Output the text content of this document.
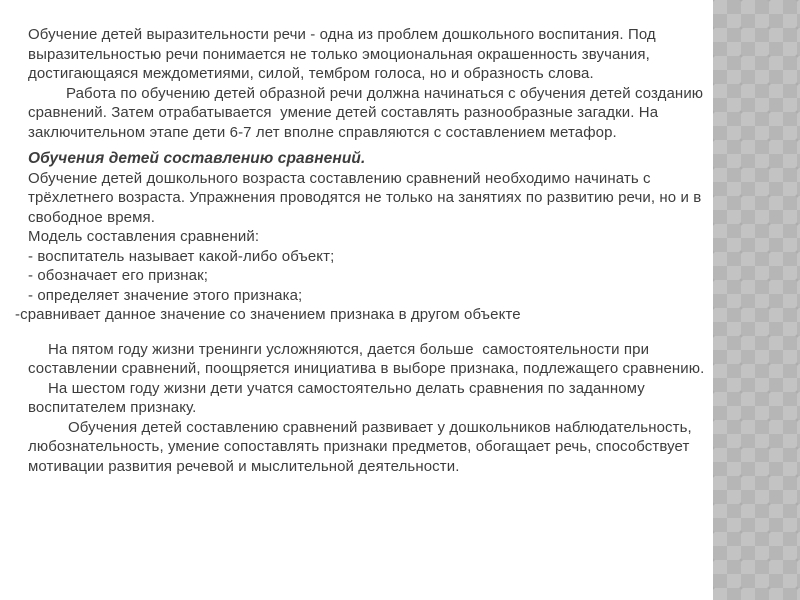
Обучение детей выразительности речи - одна из проблем дошкольного воспитания. Под выразительностью речи понимается не только эмоциональная окрашенность звучания, достигающаяся междометиями, силой, тембром голоса, но и образность слова.

Работа по обучению детей образной речи должна начинаться с обучения детей созданию сравнений. Затем отрабатывается  умение детей составлять разнообразные загадки. На заключительном этапе дети 6-7 лет вполне справляются с составлением метафор.

Обучения детей составлению сравнений.

Обучение детей дошкольного возраста составлению сравнений необходимо начинать с трёхлетнего возраста. Упражнения проводятся не только на занятиях по развитию речи, но и в свободное время.

Модель составления сравнений:

- воспитатель называет какой-либо объект;

- обозначает его признак;

- определяет значение этого признака;

-сравнивает данное значение со значением признака в другом объекте

На пятом году жизни тренинги усложняются, дается больше  самостоятельности при составлении сравнений, поощряется инициатива в выборе признака, подлежащего сравнению.

На шестом году жизни дети учатся самостоятельно делать сравнения по заданному воспитателем признаку.

Обучения детей составлению сравнений развивает у дошкольников наблюдательность, любознательность, умение сопоставлять признаки предметов, обогащает речь, способствует мотивации развития речевой и мыслительной деятельности.
